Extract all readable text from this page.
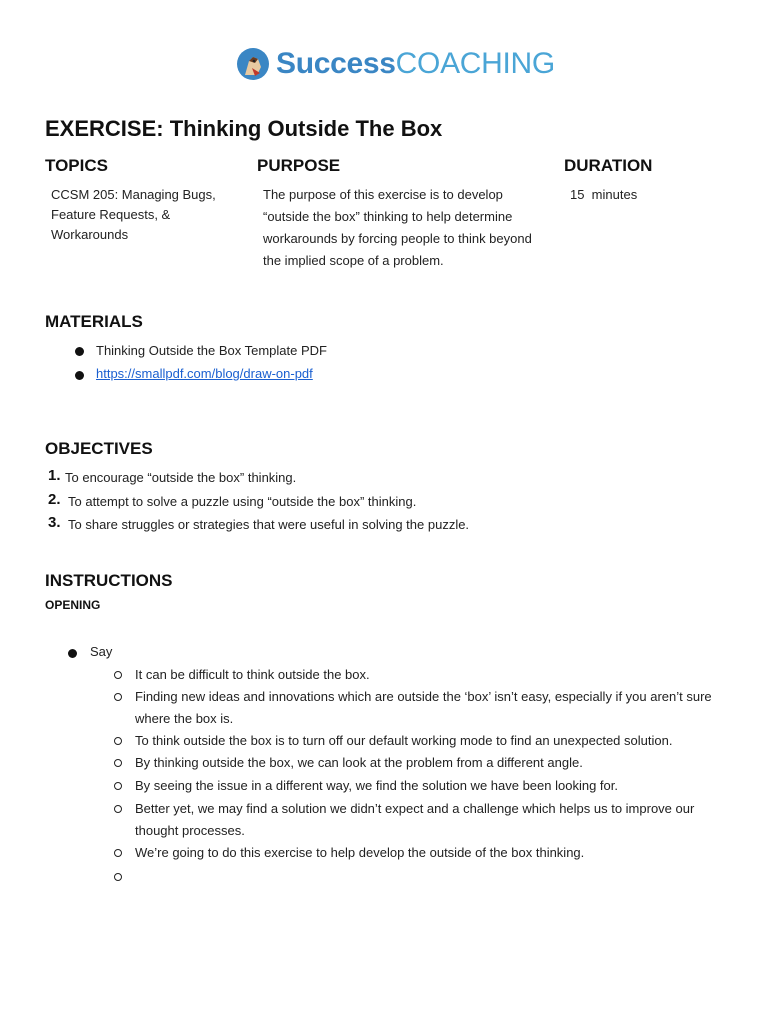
SuccessCOACHING
EXERCISE: Thinking Outside The Box
TOPICS
CCSM 205: Managing Bugs, Feature Requests, & Workarounds
PURPOSE
The purpose of this exercise is to develop “outside the box” thinking to help determine workarounds by forcing people to think beyond the implied scope of a problem.
DURATION
15  minutes
MATERIALS
Thinking Outside the Box Template PDF
https://smallpdf.com/blog/draw-on-pdf
OBJECTIVES
1. To encourage “outside the box” thinking.
2. To attempt to solve a puzzle using “outside the box” thinking.
3. To share struggles or strategies that were useful in solving the puzzle.
INSTRUCTIONS
OPENING
Say
It can be difficult to think outside the box.
Finding new ideas and innovations which are outside the ‘box’ isn’t easy, especially if you aren’t sure where the box is.
To think outside the box is to turn off our default working mode to find an unexpected solution.
By thinking outside the box, we can look at the problem from a different angle.
By seeing the issue in a different way, we find the solution we have been looking for.
Better yet, we may find a solution we didn’t expect and a challenge which helps us to improve our thought processes.
We’re going to do this exercise to help develop the outside of the box thinking.
